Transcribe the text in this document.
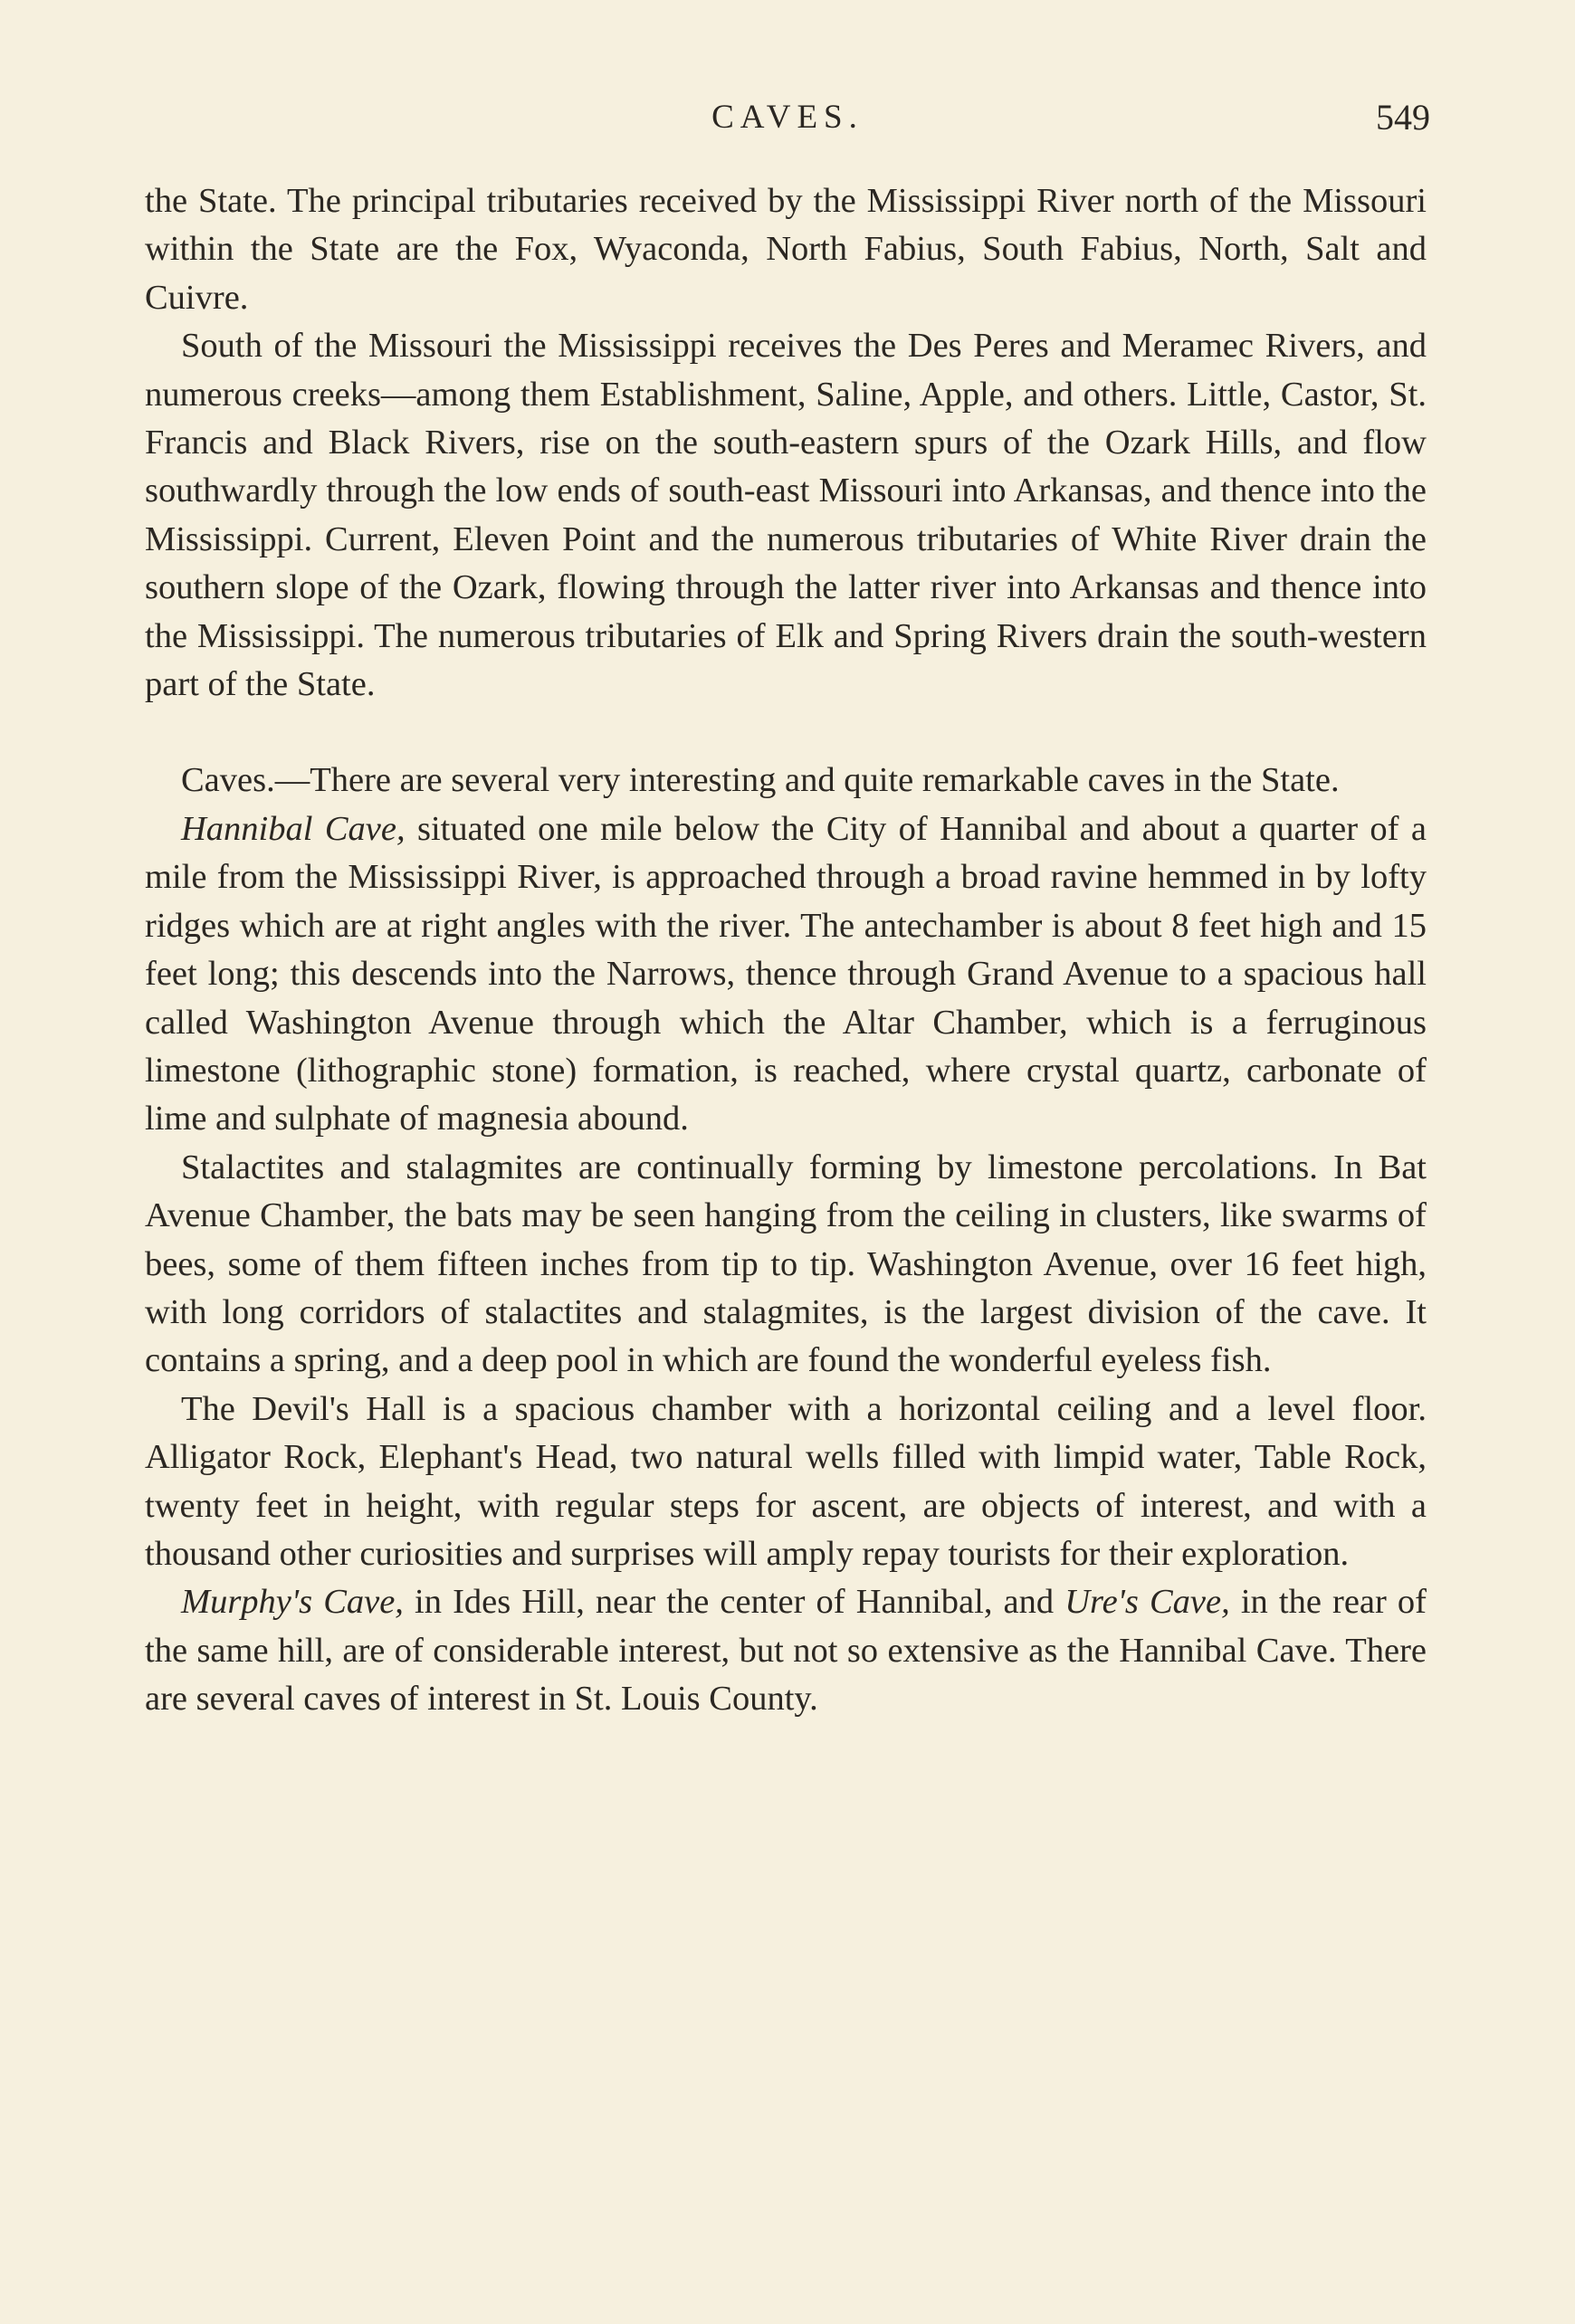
CAVES.	549

the State. The principal tributaries received by the Mississippi River north of the Missouri within the State are the Fox, Wyaconda, North Fabius, South Fabius, North, Salt and Cuivre.

South of the Missouri the Mississippi receives the Des Peres and Meramec Rivers, and numerous creeks—among them Establishment, Saline, Apple, and others. Little, Castor, St. Francis and Black Rivers, rise on the south-eastern spurs of the Ozark Hills, and flow southwardly through the low ends of south-east Missouri into Arkansas, and thence into the Mississippi. Current, Eleven Point and the numerous tributaries of White River drain the southern slope of the Ozark, flowing through the latter river into Arkansas and thence into the Mississippi. The numerous tributaries of Elk and Spring Rivers drain the south-western part of the State.

Caves.—There are several very interesting and quite remarkable caves in the State.

Hannibal Cave, situated one mile below the City of Hannibal and about a quarter of a mile from the Mississippi River, is approached through a broad ravine hemmed in by lofty ridges which are at right angles with the river. The antechamber is about 8 feet high and 15 feet long; this descends into the Narrows, thence through Grand Avenue to a spacious hall called Washington Avenue through which the Altar Chamber, which is a ferruginous limestone (lithographic stone) formation, is reached, where crystal quartz, carbonate of lime and sulphate of magnesia abound.

Stalactites and stalagmites are continually forming by limestone percolations. In Bat Avenue Chamber, the bats may be seen hanging from the ceiling in clusters, like swarms of bees, some of them fifteen inches from tip to tip. Washington Avenue, over 16 feet high, with long corridors of stalactites and stalagmites, is the largest division of the cave. It contains a spring, and a deep pool in which are found the wonderful eyeless fish.

The Devil's Hall is a spacious chamber with a horizontal ceiling and a level floor. Alligator Rock, Elephant's Head, two natural wells filled with limpid water, Table Rock, twenty feet in height, with regular steps for ascent, are objects of interest, and with a thousand other curiosities and surprises will amply repay tourists for their exploration.

Murphy's Cave, in Ides Hill, near the center of Hannibal, and Ure's Cave, in the rear of the same hill, are of considerable interest, but not so extensive as the Hannibal Cave. There are several caves of interest in St. Louis County.
